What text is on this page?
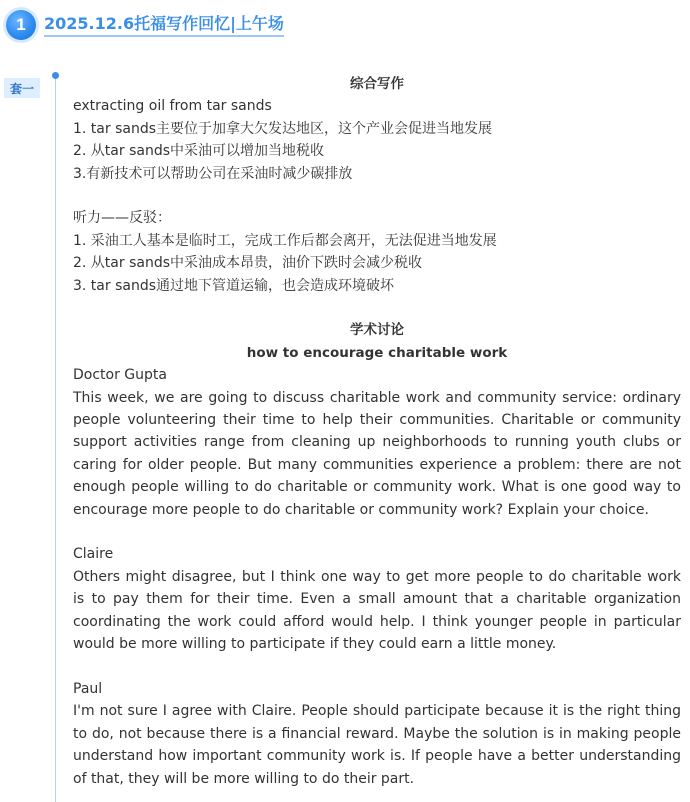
1	2025.12.6托福写作回忆|上午场
套一	综合写作

extracting oil from tar sands

1. tar sands主要位于加拿大欠发达地区，这个产业会促进当地发展

2. 从tar sands中采油可以增加当地税收

3.有新技术可以帮助公司在采油时减少碳排放

听力——反驳：

1. 采油工人基本是临时工，完成工作后都会离开，无法促进当地发展

2. 从tar sands中采油成本昂贵，油价下跌时会减少税收

3. tar sands通过地下管道运输，也会造成环境破坏

学术讨论

how to encourage charitable work

Doctor Gupta

This week, we are going to discuss charitable work and community service: ordinary people volunteering their time to help their communities. Charitable or community support activities range from cleaning up neighborhoods to running youth clubs or caring for older people. But many communities experience a problem: there are not enough people willing to do charitable or community work. What is one good way to encourage more people to do charitable or community work? Explain your choice.

Claire

Others might disagree, but I think one way to get more people to do charitable work is to pay them for their time. Even a small amount that a charitable organization coordinating the work could afford would help. I think younger people in particular would be more willing to participate if they could earn a little money.

Paul

I'm not sure I agree with Claire. People should participate because it is the right thing to do, not because there is a financial reward. Maybe the solution is in making people understand how important community work is. If people have a better understanding of that, they will be more willing to do their part.
